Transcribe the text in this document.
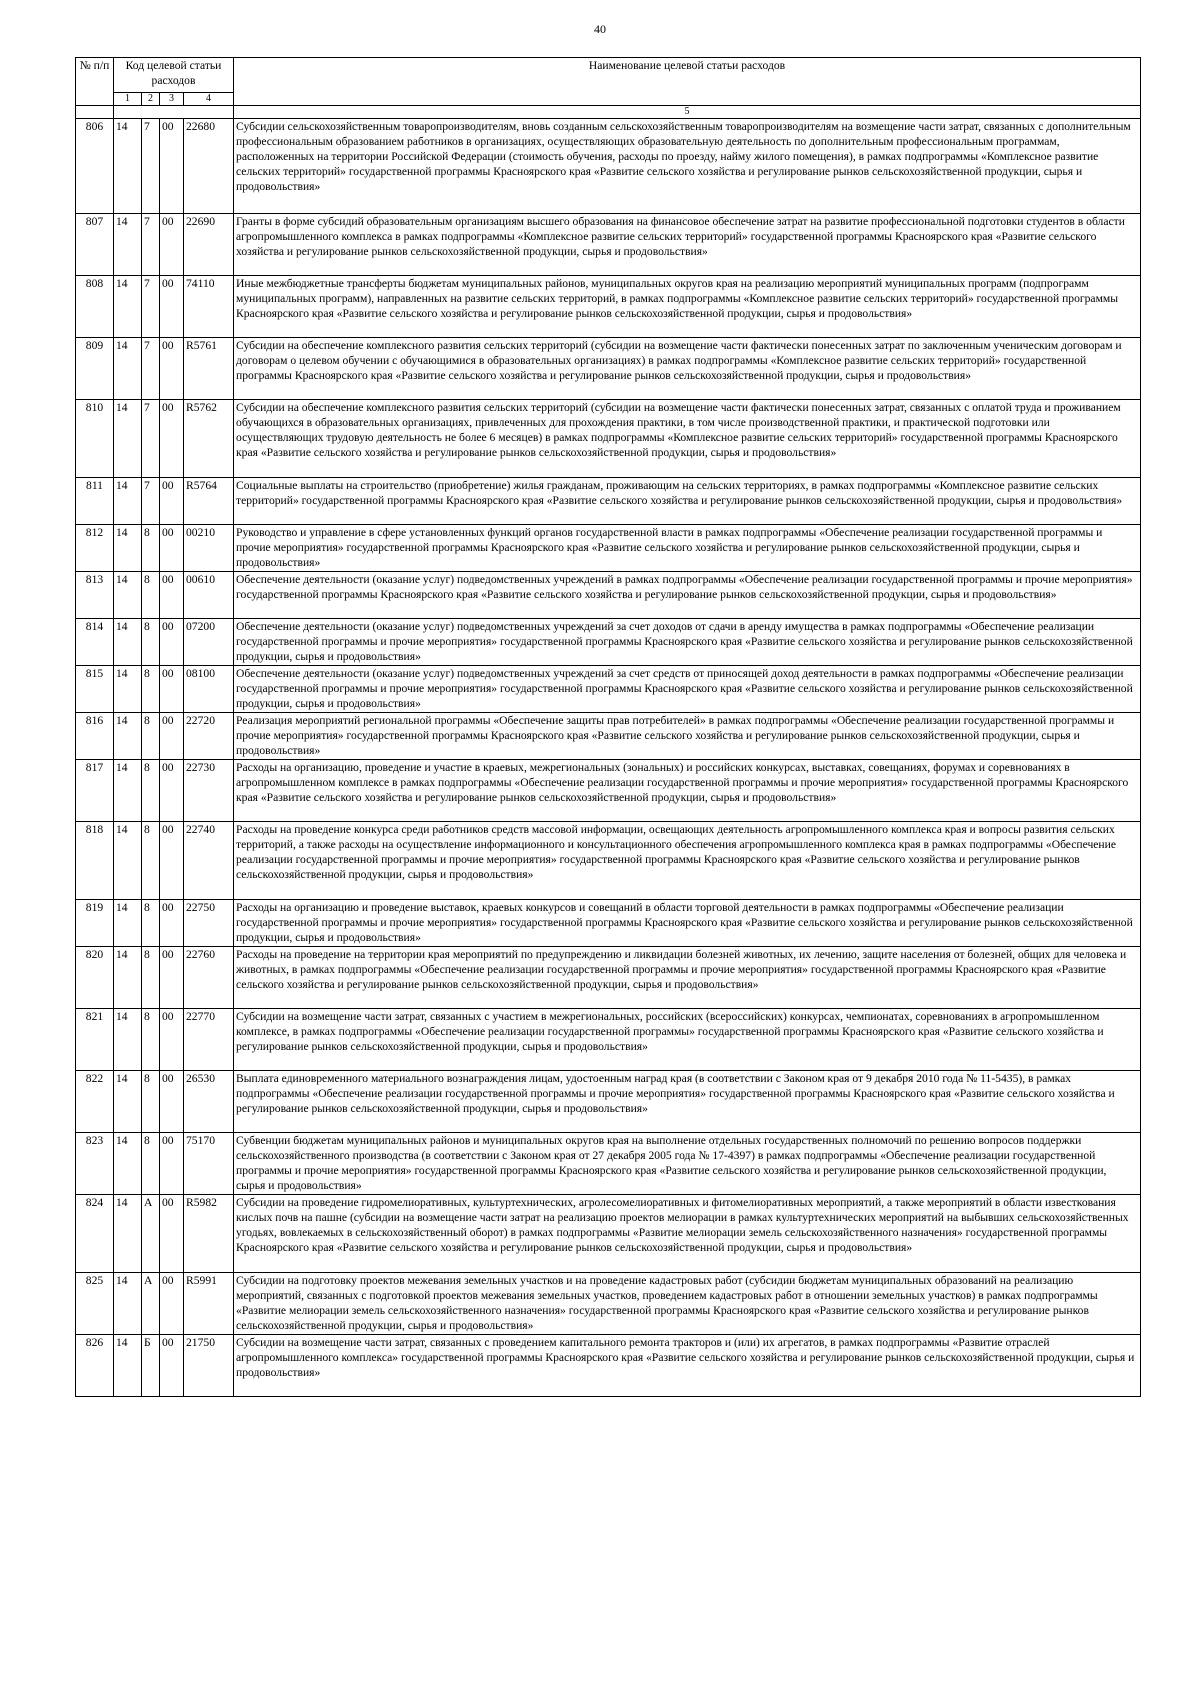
40
№ п/п	Код целевой статьи расходов				Наименование целевой статьи расходов
	1	2	3	4	
					5
806	14	7	00	22680	Субсидии сельскохозяйственным товаропроизводителям, вновь созданным сельскохозяйственным товаропроизводителям на возмещение части затрат, связанных с дополнительным профессиональным образованием работников в организациях, осуществляющих образовательную деятельность по дополнительным профессиональным программам, расположенных на территории Российской Федерации (стоимость обучения, расходы по проезду, найму жилого помещения), в рамках подпрограммы «Комплексное развитие сельских территорий» государственной программы Красноярского края «Развитие сельского хозяйства и регулирование рынков сельскохозяйственной продукции, сырья и продовольствия»
807	14	7	00	22690	Гранты в форме субсидий образовательным организациям высшего образования на финансовое обеспечение затрат на развитие профессиональной подготовки студентов в области агропромышленного комплекса в рамках подпрограммы «Комплексное развитие сельских территорий» государственной программы Красноярского края «Развитие сельского хозяйства и регулирование рынков сельскохозяйственной продукции, сырья и продовольствия»
808	14	7	00	74110	Иные межбюджетные трансферты бюджетам муниципальных районов, муниципальных округов края на реализацию мероприятий муниципальных программ (подпрограмм муниципальных программ), направленных на развитие сельских территорий, в рамках подпрограммы «Комплексное развитие сельских территорий» государственной программы Красноярского края «Развитие сельского хозяйства и регулирование рынков сельскохозяйственной продукции, сырья и продовольствия»
809	14	7	00	R5761	Субсидии на обеспечение комплексного развития сельских территорий (субсидии на возмещение части фактически понесенных затрат по заключенным ученическим договорам и договорам о целевом обучении с обучающимися в образовательных организациях) в рамках подпрограммы «Комплексное развитие сельских территорий» государственной программы Красноярского края «Развитие сельского хозяйства и регулирование рынков сельскохозяйственной продукции, сырья и продовольствия»
810	14	7	00	R5762	Субсидии на обеспечение комплексного развития сельских территорий (субсидии на возмещение части фактически понесенных затрат, связанных с оплатой труда и проживанием обучающихся в образовательных организациях, привлеченных для прохождения практики, в том числе производственной практики, и практической подготовки или осуществляющих трудовую деятельность не более 6 месяцев) в рамках подпрограммы «Комплексное развитие сельских территорий» государственной программы Красноярского края «Развитие сельского хозяйства и регулирование рынков сельскохозяйственной продукции, сырья и продовольствия»
811	14	7	00	R5764	Социальные выплаты на строительство (приобретение) жилья гражданам, проживающим на сельских территориях, в рамках подпрограммы «Комплексное развитие сельских территорий» государственной программы Красноярского края «Развитие сельского хозяйства и регулирование рынков сельскохозяйственной продукции, сырья и продовольствия»
812	14	8	00	00210	Руководство и управление в сфере установленных функций органов государственной власти в рамках подпрограммы «Обеспечение реализации государственной программы и прочие мероприятия» государственной программы Красноярского края «Развитие сельского хозяйства и регулирование рынков сельскохозяйственной продукции, сырья и продовольствия»
813	14	8	00	00610	Обеспечение деятельности (оказание услуг) подведомственных учреждений в рамках подпрограммы «Обеспечение реализации государственной программы и прочие мероприятия» государственной программы Красноярского края «Развитие сельского хозяйства и регулирование рынков сельскохозяйственной продукции, сырья и продовольствия»
814	14	8	00	07200	Обеспечение деятельности (оказание услуг) подведомственных учреждений за счет доходов от сдачи в аренду имущества в рамках подпрограммы «Обеспечение реализации государственной программы и прочие мероприятия» государственной программы Красноярского края «Развитие сельского хозяйства и регулирование рынков сельскохозяйственной продукции, сырья и продовольствия»
815	14	8	00	08100	Обеспечение деятельности (оказание услуг) подведомственных учреждений за счет средств от приносящей доход деятельности в рамках подпрограммы «Обеспечение реализации государственной программы и прочие мероприятия» государственной программы Красноярского края «Развитие сельского хозяйства и регулирование рынков сельскохозяйственной продукции, сырья и продовольствия»
816	14	8	00	22720	Реализация мероприятий региональной программы «Обеспечение защиты прав потребителей» в рамках подпрограммы «Обеспечение реализации государственной программы и прочие мероприятия» государственной программы Красноярского края «Развитие сельского хозяйства и регулирование рынков сельскохозяйственной продукции, сырья и продовольствия»
817	14	8	00	22730	Расходы на организацию, проведение и участие в краевых, межрегиональных (зональных) и российских конкурсах, выставках, совещаниях, форумах и соревнованиях в агропромышленном комплексе в рамках подпрограммы «Обеспечение реализации государственной программы и прочие мероприятия» государственной программы Красноярского края «Развитие сельского хозяйства и регулирование рынков сельскохозяйственной продукции, сырья и продовольствия»
818	14	8	00	22740	Расходы на проведение конкурса среди работников средств массовой информации, освещающих деятельность агропромышленного комплекса края и вопросы развития сельских территорий, а также расходы на осуществление информационного и консультационного обеспечения агропромышленного комплекса края в рамках подпрограммы «Обеспечение реализации государственной программы и прочие мероприятия» государственной программы Красноярского края «Развитие сельского хозяйства и регулирование рынков сельскохозяйственной продукции, сырья и продовольствия»
819	14	8	00	22750	Расходы на организацию и проведение выставок, краевых конкурсов и совещаний в области торговой деятельности в рамках подпрограммы «Обеспечение реализации государственной программы и прочие мероприятия» государственной программы Красноярского края «Развитие сельского хозяйства и регулирование рынков сельскохозяйственной продукции, сырья и продовольствия»
820	14	8	00	22760	Расходы на проведение на территории края мероприятий по предупреждению и ликвидации болезней животных, их лечению, защите населения от болезней, общих для человека и животных, в рамках подпрограммы «Обеспечение реализации государственной программы и прочие мероприятия» государственной программы Красноярского края «Развитие сельского хозяйства и регулирование рынков сельскохозяйственной продукции, сырья и продовольствия»
821	14	8	00	22770	Субсидии на возмещение части затрат, связанных с участием в межрегиональных, российских (всероссийских) конкурсах, чемпионатах, соревнованиях в агропромышленном комплексе, в рамках подпрограммы «Обеспечение реализации государственной программы» государственной программы Красноярского края «Развитие сельского хозяйства и регулирование рынков сельскохозяйственной продукции, сырья и продовольствия»
822	14	8	00	26530	Выплата единовременного материального вознаграждения лицам, удостоенным наград края (в соответствии с Законом края от 9 декабря 2010 года № 11-5435), в рамках подпрограммы «Обеспечение реализации государственной программы и прочие мероприятия» государственной программы Красноярского края «Развитие сельского хозяйства и регулирование рынков сельскохозяйственной продукции, сырья и продовольствия»
823	14	8	00	75170	Субвенции бюджетам муниципальных районов и муниципальных округов края на выполнение отдельных государственных полномочий по решению вопросов поддержки сельскохозяйственного производства (в соответствии с Законом края от 27 декабря 2005 года № 17-4397) в рамках подпрограммы «Обеспечение реализации государственной программы и прочие мероприятия» государственной программы Красноярского края «Развитие сельского хозяйства и регулирование рынков сельскохозяйственной продукции, сырья и продовольствия»
824	14	А	00	R5982	Субсидии на проведение гидромелиоративных, культуртехнических, агролесомелиоративных и фитомелиоративных мероприятий, а также мероприятий в области известкования кислых почв на пашне (субсидии на возмещение части затрат на реализацию проектов мелиорации в рамках культуртехнических мероприятий на выбывших сельскохозяйственных угодьях, вовлекаемых в сельскохозяйственный оборот) в рамках подпрограммы «Развитие мелиорации земель сельскохозяйственного назначения» государственной программы Красноярского края «Развитие сельского хозяйства и регулирование рынков сельскохозяйственной продукции, сырья и продовольствия»
825	14	А	00	R5991	Субсидии на подготовку проектов межевания земельных участков и на проведение кадастровых работ (субсидии бюджетам муниципальных образований на реализацию мероприятий, связанных с подготовкой проектов межевания земельных участков, проведением кадастровых работ в отношении земельных участков) в рамках подпрограммы «Развитие мелиорации земель сельскохозяйственного назначения» государственной программы Красноярского края «Развитие сельского хозяйства и регулирование рынков сельскохозяйственной продукции, сырья и продовольствия»
826	14	Б	00	21750	Субсидии на возмещение части затрат, связанных с проведением капитального ремонта тракторов и (или) их агрегатов, в рамках подпрограммы «Развитие отраслей агропромышленного комплекса» государственной программы Красноярского края «Развитие сельского хозяйства и регулирование рынков сельскохозяйственной продукции, сырья и продовольствия»
